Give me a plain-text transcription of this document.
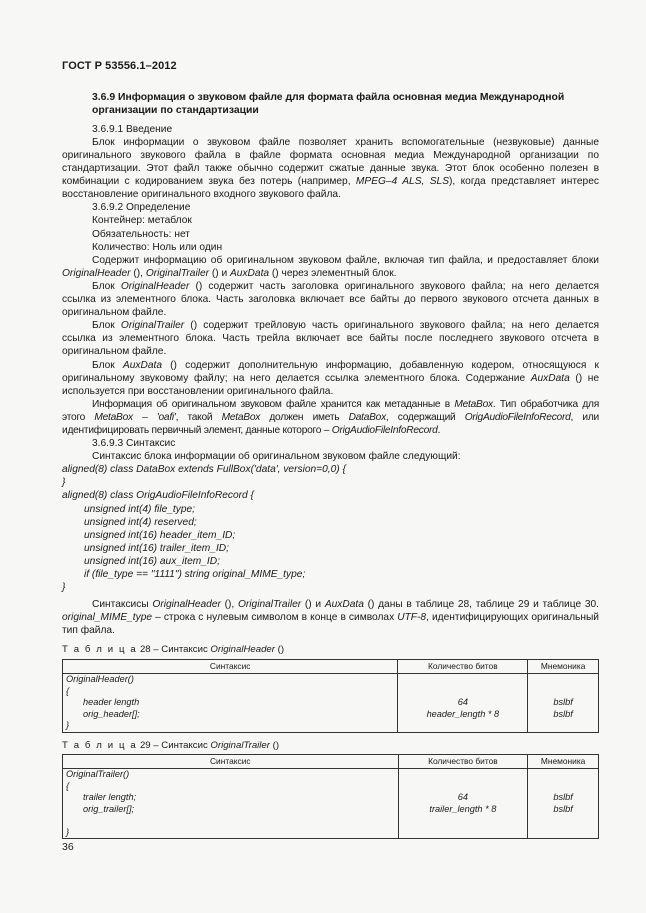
ГОСТ Р 53556.1–2012

3.6.9 Информация о звуковом файле для формата файла основная медиа Международной
организации по стандартизации

3.6.9.1 Введение

Блок информации о звуковом файле позволяет хранить вспомогательные (незвуковые) данные оригинального звукового файла в файле формата основная медиа Международной организации по стандартизации. Этот файл также обычно содержит сжатые данные звука. Этот блок особенно полезен в комбинации с кодированием звука без потерь (например, MPEG–4 ALS, SLS), когда представляет интерес восстановление оригинального входного звукового файла.

3.6.9.2 Определение

Контейнер: метаблок

Обязательность: нет

Количество: Ноль или один

Содержит информацию об оригинальном звуковом файле, включая тип файла, и предоставляет блоки OriginalHeader (), OriginalTrailer () и AuxData () через элементный блок.

Блок OriginalHeader () содержит часть заголовка оригинального звукового файла; на него делается ссылка из элементного блока. Часть заголовка включает все байты до первого звукового отсчета данных в оригинальном файле.

Блок OriginalTrailer () содержит трейловую часть оригинального звукового файла; на него делается ссылка из элементного блока. Часть трейла включает все байты после последнего звукового отсчета в оригинальном файле.

Блок AuxData () содержит дополнительную информацию, добавленную кодером, относящуюся к оригинальному звуковому файлу; на него делается ссылка элементного блока. Содержание AuxData () не используется при восстановлении оригинального файла.

Информация об оригинальном звуковом файле хранится как метаданные в MetaBox. Тип обработчика для этого MetaBox – 'oafi', такой MetaBox должен иметь DataBox, содержащий OrigAudioFileInfoRecord, или идентифицировать первичный элемент, данные которого – OrigAudioFileInfoRecord.

3.6.9.3 Синтаксис

Синтаксис блока информации об оригинальном звуковом файле следующий:

aligned(8) class DataBox extends FullBox('data', version=0,0) {

}

aligned(8) class OrigAudioFileInfoRecord {

unsigned int(4) file_type;

unsigned int(4) reserved;

unsigned int(16) header_item_ID;

unsigned int(16) trailer_item_ID;

unsigned int(16) aux_item_ID;

if (file_type == "1111") string original_MIME_type;

}

Синтаксисы OriginalHeader (), OriginalTrailer () и AuxData () даны в таблице 28, таблице 29 и таблице 30. original_MIME_type – строка с нулевым символом в конце в символах UTF-8, идентифицирующих оригинальный тип файла.

Т а б л и ц а 28 – Синтаксис OriginalHeader ()

Синтаксис	Количество битов	Мнемоника
OriginalHeader()		
{		
header length	64	bslbf
orig_header[];	header_length * 8	bslbf
}		

Т а б л и ц а 29 – Синтаксис OriginalTrailer ()

Синтаксис	Количество битов	Мнемоника
OriginalTrailer()		
{		
trailer length;	64	bslbf
orig_trailer[];	trailer_length * 8	bslbf

}		
36
